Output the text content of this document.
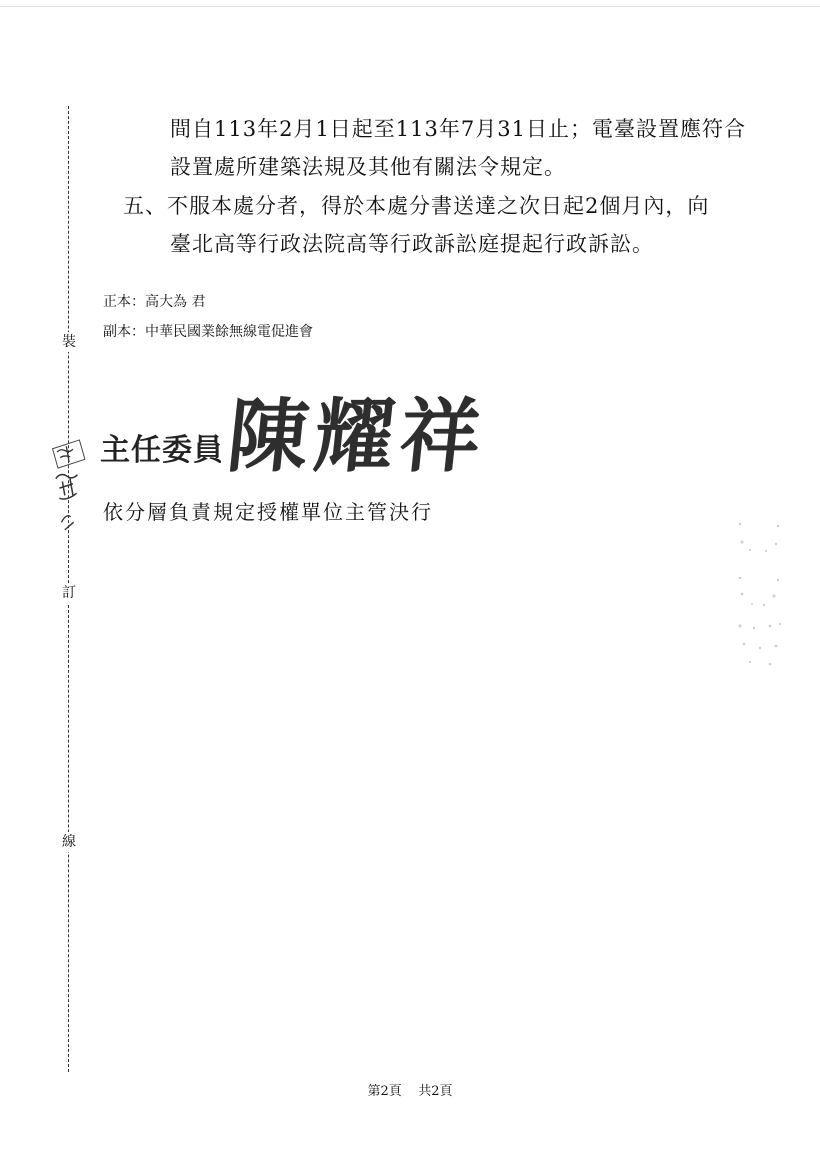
裝
訂
線
間自113年2月1日起至113年7月31日止；電臺設置應符合
設置處所建築法規及其他有關法令規定。
五、不服本處分者，得於本處分書送達之次日起2個月內，向
臺北高等行政法院高等行政訴訟庭提起行政訴訟。
正本：高大為 君
副本：中華民國業餘無線電促進會
主任委員 陳耀祥
依分層負責規定授權單位主管決行
第2頁 共2頁
